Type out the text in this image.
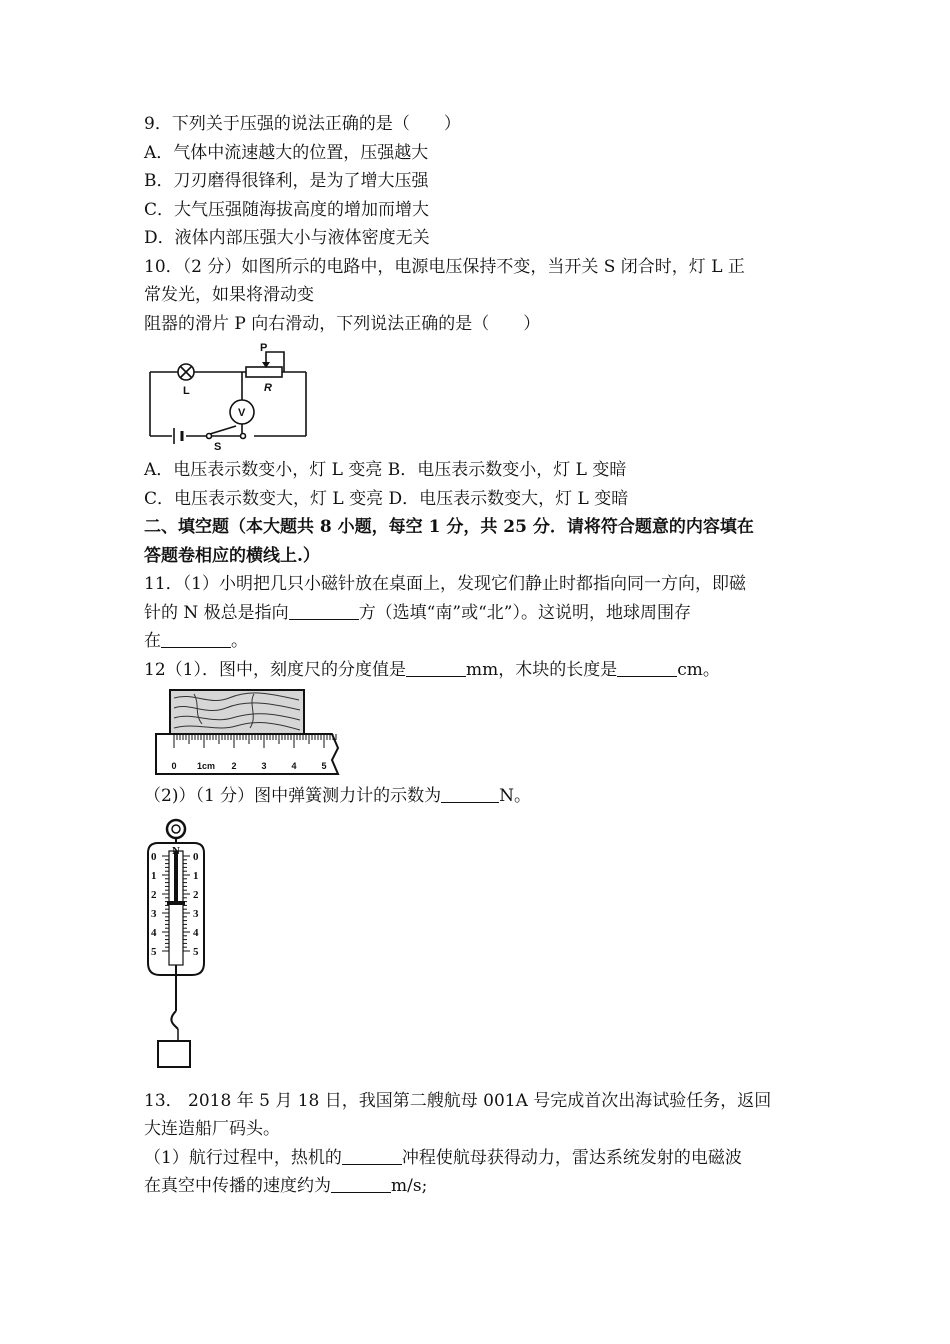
9．下列关于压强的说法正确的是（　　）
A．气体中流速越大的位置，压强越大
B．刀刃磨得很锋利，是为了增大压强
C．大气压强随海拔高度的增加而增大
D．液体内部压强大小与液体密度无关
10．（2 分）如图所示的电路中，电源电压保持不变，当开关 S 闭合时，灯 L 正
常发光，如果将滑动变
阻器的滑片 P 向右滑动，下列说法正确的是（　　）
L
P
R
V
S
A．电压表示数变小，灯 L 变亮 B．电压表示数变小，灯 L 变暗
C．电压表示数变大，灯 L 变亮 D．电压表示数变大，灯 L 变暗
二、填空题（本大题共 8 小题，每空 1 分，共 25 分．请将符合题意的内容填在
答题卷相应的横线上.）
11．（1）小明把几只小磁针放在桌面上，发现它们静止时都指向同一方向，即磁
针的 N 极总是指向	方（选填“南”或“北”）。这说明，地球周围存
在	。
12（1）．图中，刻度尺的分度值是	mm，木块的长度是	cm。
0 1cm 2	3	4	5
（2)）（1 分）图中弹簧测力计的示数为	N。
N
0
1
2
3
4
5
0
1
2
3
4
5
13． 2018 年 5 月 18 日，我国第二艘航母 001A 号完成首次出海试验任务，返回
大连造船厂码头。
（1）航行过程中，热机的	冲程使航母获得动力，雷达系统发射的电磁波
在真空中传播的速度约为	m/s;
